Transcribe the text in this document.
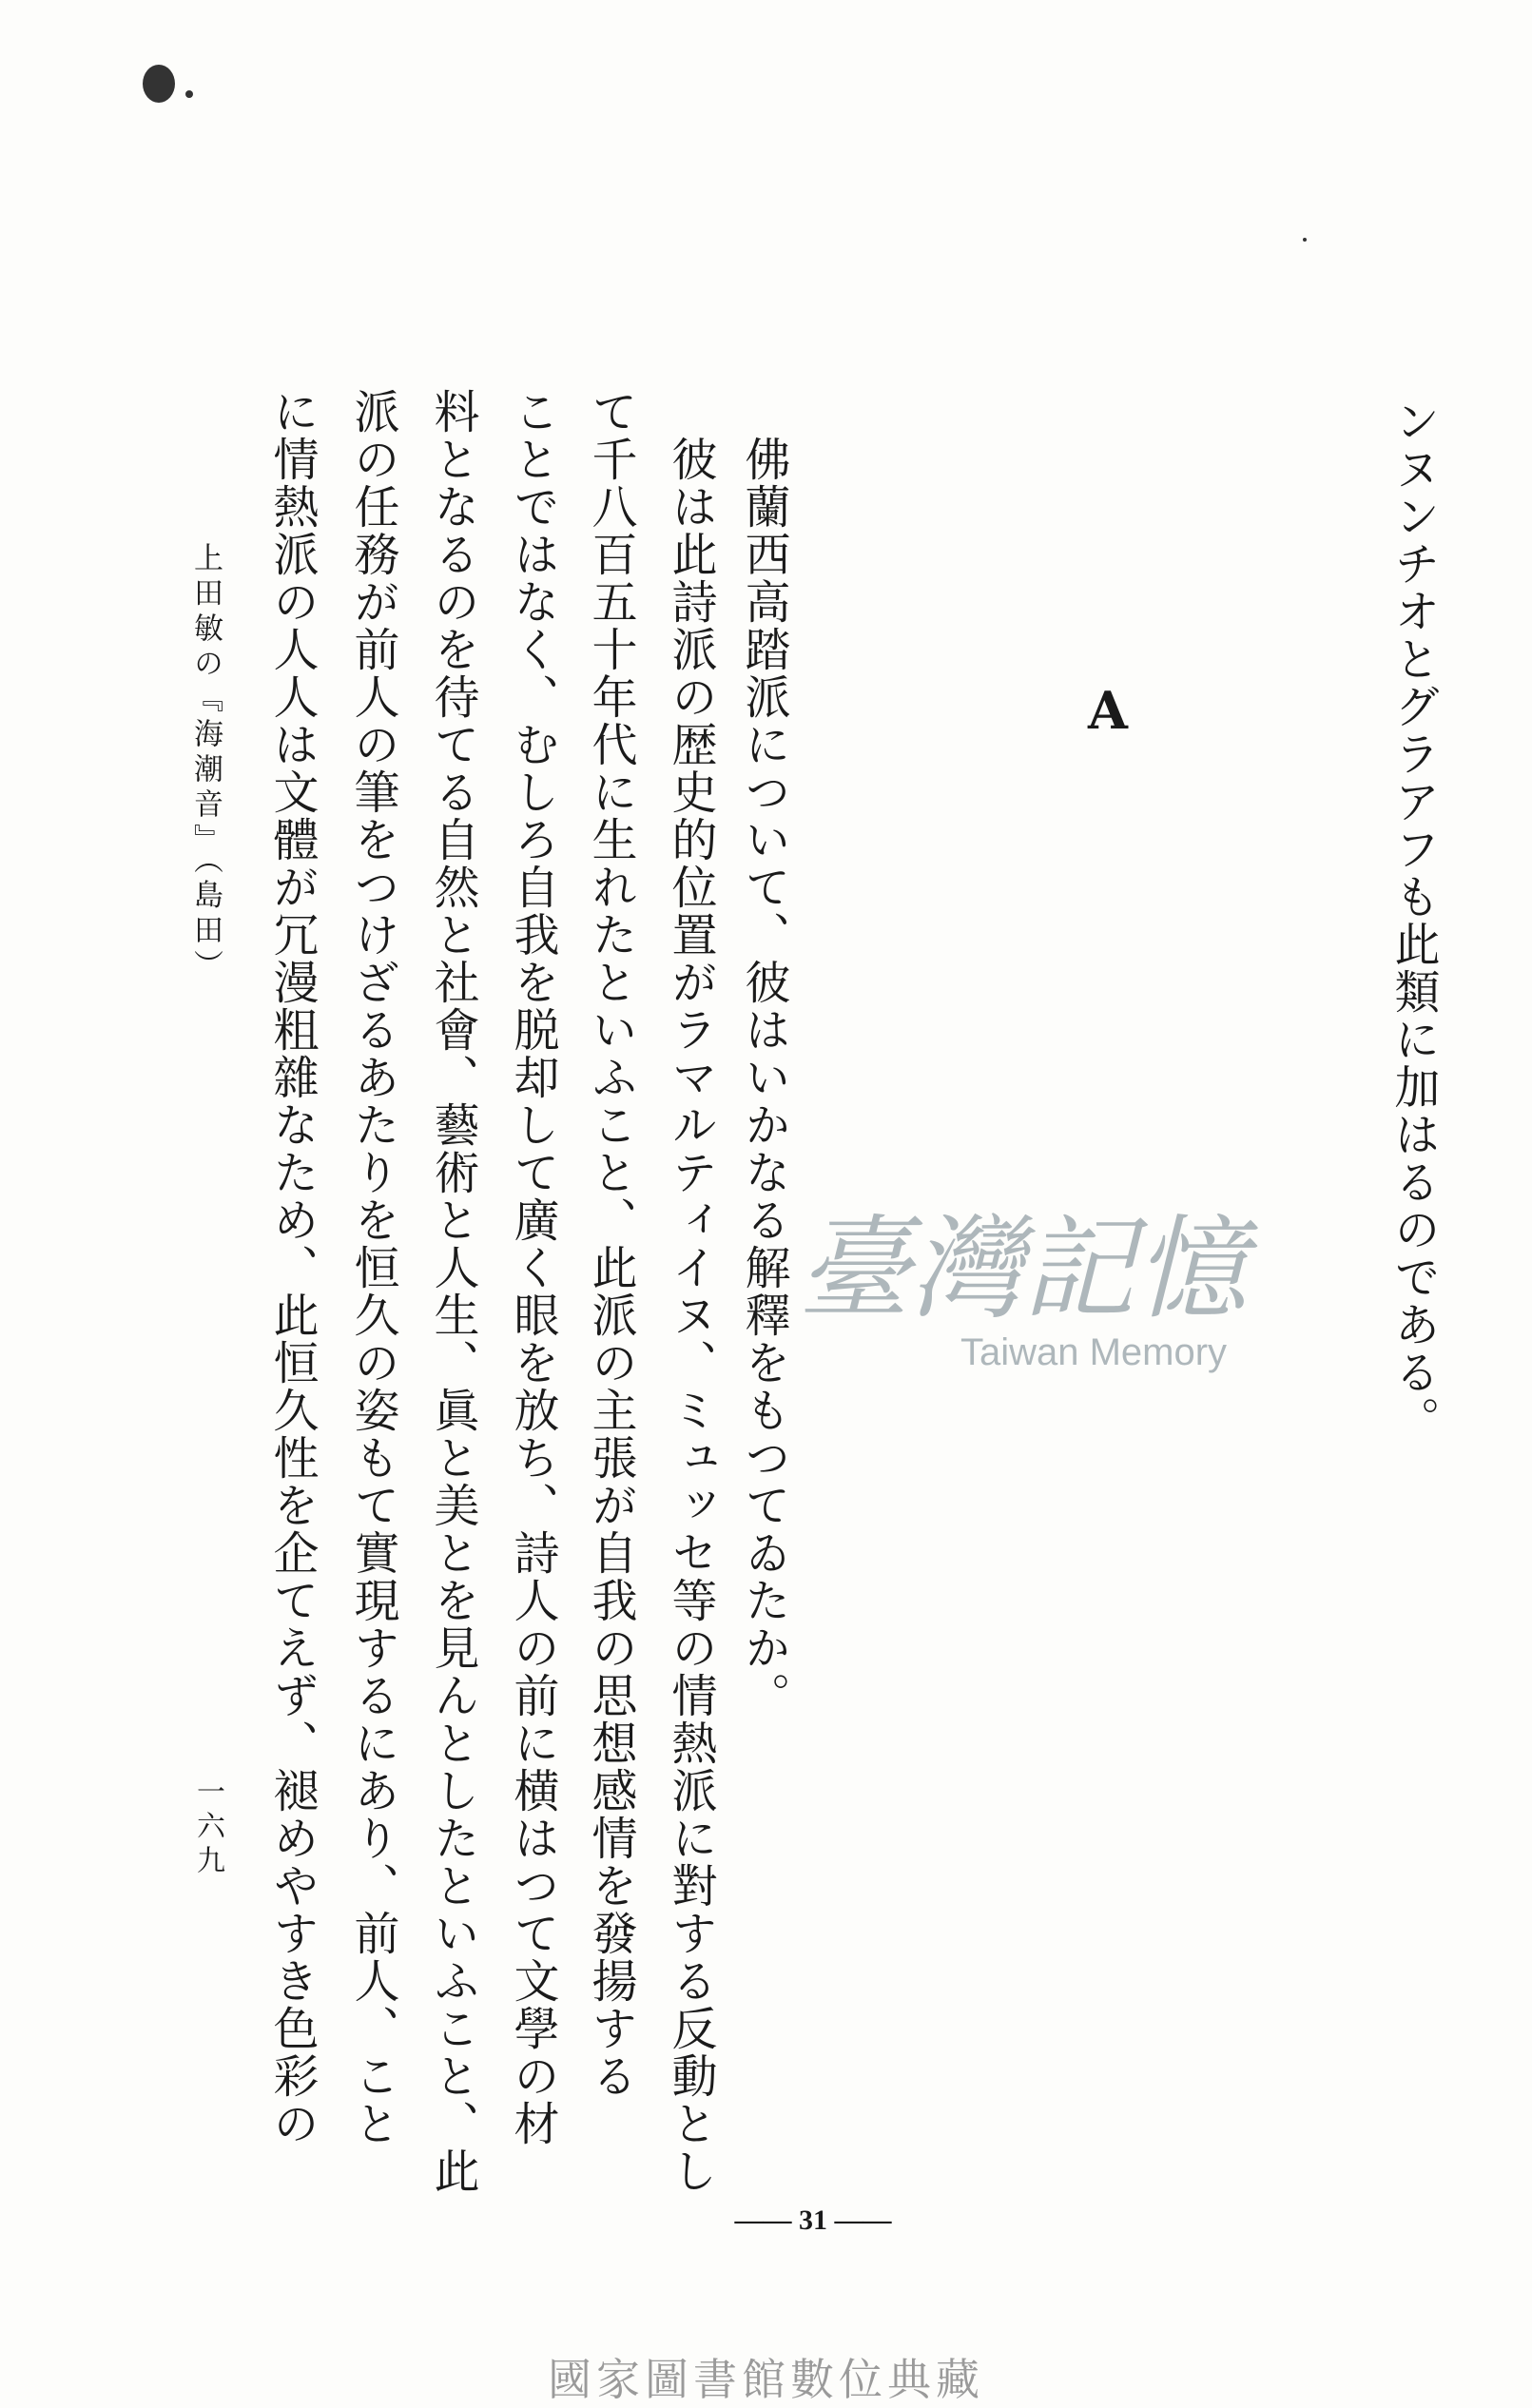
ンヌンチオとグラアフも此類に加はるのである。

A

佛蘭西高踏派について、彼はいかなる解釋をもつてゐたか。

彼は此詩派の歴史的位置がラマルティイヌ、ミュッセ等の情熱派に對する反動とし

て千八百五十年代に生れたといふこと、此派の主張が自我の思想感情を發揚する

ことではなく、むしろ自我を脱却して廣く眼を放ち、詩人の前に横はつて文學の材

料となるのを待てる自然と社會、藝術と人生、眞と美とを見んとしたといふこと、此

派の任務が前人の筆をつけざるあたりを恒久の姿もて實現するにあり、前人、こと

に情熱派の人人は文體が冗漫粗雜なため、此恒久性を企てえず、褪めやすき色彩の

上田敏の『海潮音』（島田）

一六九

—— 31 ——
臺灣記憶
Taiwan Memory
國家圖書館數位典藏
